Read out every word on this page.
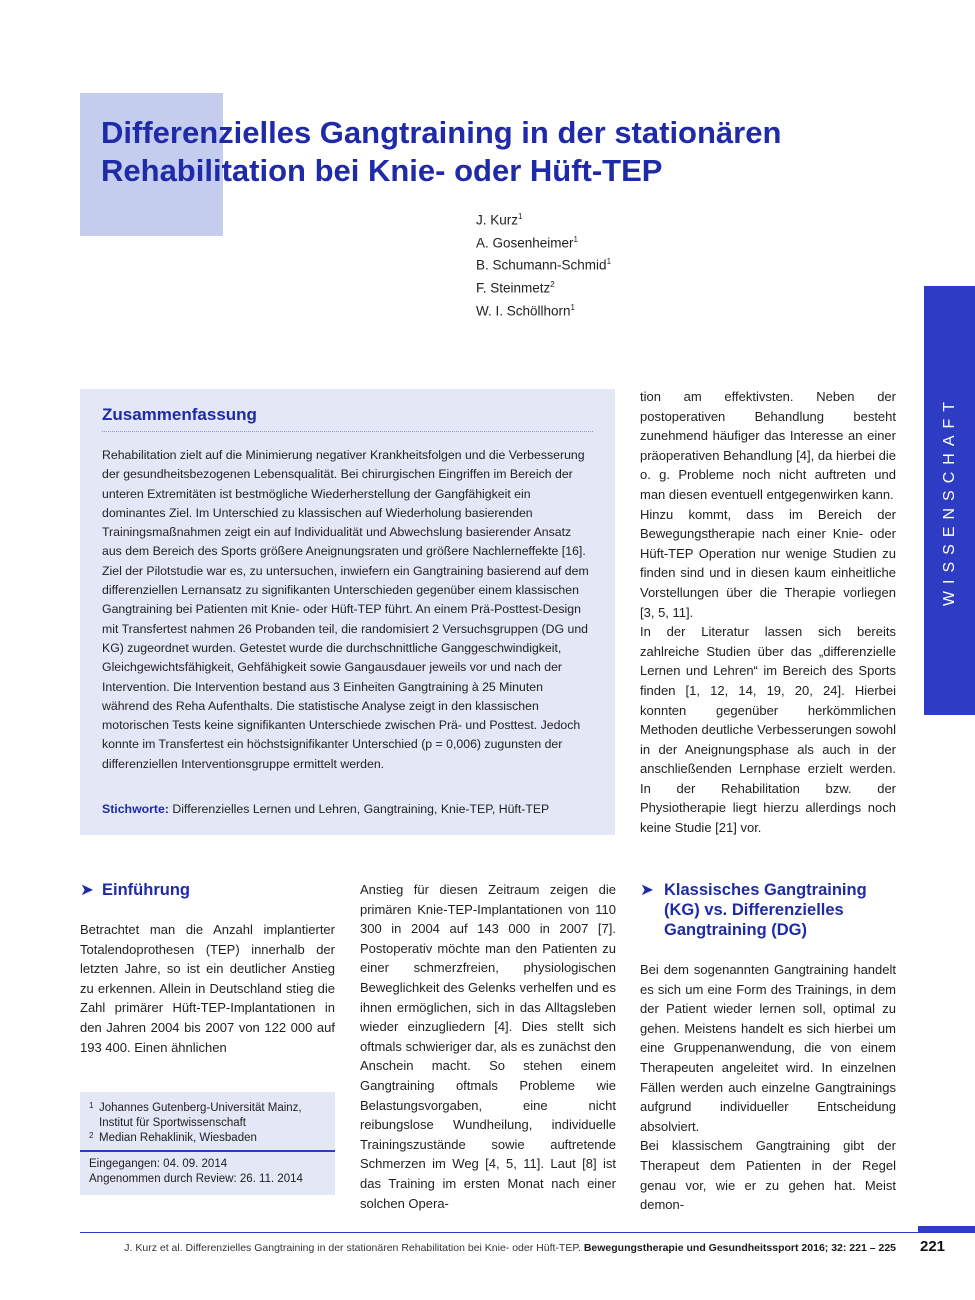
Differenzielles Gangtraining in der stationären
Rehabilitation bei Knie- oder Hüft-TEP
J. Kurz$^1$
A. Gosenheimer$^1$
B. Schumann-Schmid$^1$
F. Steinmetz$^2$
W. I. Schöllhorn$^1$
WISSENSCHAFT
Zusammenfassung

Rehabilitation zielt auf die Minimierung negativer Krankheitsfolgen und die Verbesserung der gesundheitsbezogenen Lebensqualität. Bei chirurgischen Eingriffen im Bereich der unteren Extremitäten ist bestmögliche Wiederherstellung der Gangfähigkeit ein dominantes Ziel. Im Unterschied zu klassischen auf Wiederholung basierenden Trainingsmaßnahmen zeigt ein auf Individualität und Abwechslung basierender Ansatz aus dem Bereich des Sports größere Aneignungsraten und größere Nachlerneffekte [16]. Ziel der Pilotstudie war es, zu untersuchen, inwiefern ein Gangtraining basierend auf dem differenziellen Lernansatz zu signifikanten Unterschieden gegenüber einem klassischen Gangtraining bei Patienten mit Knie- oder Hüft-TEP führt. An einem Prä-Posttest-Design mit Transfertest nahmen 26 Probanden teil, die randomisiert 2 Versuchsgruppen (DG und KG) zugeordnet wurden. Getestet wurde die durchschnittliche Ganggeschwindigkeit, Gleichgewichtsfähigkeit, Gehfähigkeit sowie Gangausdauer jeweils vor und nach der Intervention. Die Intervention bestand aus 3 Einheiten Gangtraining à 25 Minuten während des Reha Aufenthalts. Die statistische Analyse zeigt in den klassischen motorischen Tests keine signifikanten Unterschiede zwischen Prä- und Posttest. Jedoch konnte im Transfertest ein höchstsignifikanter Unterschied (p = 0,006) zugunsten der differenziellen Interventionsgruppe ermittelt werden.

Stichworte: Differenzielles Lernen und Lehren, Gangtraining, Knie-TEP, Hüft-TEP

tion am effektivsten. Neben der postoperativen Behandlung besteht zunehmend häufiger das Interesse an einer präoperativen Behandlung [4], da hierbei die o. g. Probleme noch nicht auftreten und man diesen eventuell entgegenwirken kann.

Hinzu kommt, dass im Bereich der Bewegungstherapie nach einer Knie- oder Hüft-TEP Operation nur wenige Studien zu finden sind und in diesen kaum einheitliche Vorstellungen über die Therapie vorliegen [3, 5, 11].

In der Literatur lassen sich bereits zahlreiche Studien über das „differenzielle Lernen und Lehren“ im Bereich des Sports finden [1, 12, 14, 19, 20, 24]. Hierbei konnten gegenüber herkömmlichen Methoden deutliche Verbesserungen sowohl in der Aneignungsphase als auch in der anschließenden Lernphase erzielt werden. In der Rehabilitation bzw. der Physiotherapie liegt hierzu allerdings noch keine Studie [21] vor.

➤ Einführung

Betrachtet man die Anzahl implantierter Totalendoprothesen (TEP) innerhalb der letzten Jahre, so ist ein deutlicher Anstieg zu erkennen. Allein in Deutschland stieg die Zahl primärer Hüft-TEP-Implantationen in den Jahren 2004 bis 2007 von 122 000 auf 193 400. Einen ähnlichen

1 Johannes Gutenberg-Universität Mainz, Institut für Sportwissenschaft
2 Median Rehaklinik, Wiesbaden
Eingegangen: 04. 09. 2014
Angenommen durch Review: 26. 11. 2014

Anstieg für diesen Zeitraum zeigen die primären Knie-TEP-Implantationen von 110 300 in 2004 auf 143 000 in 2007 [7]. Postoperativ möchte man den Patienten zu einer schmerzfreien, physiologischen Beweglichkeit des Gelenks verhelfen und es ihnen ermöglichen, sich in das Alltagsleben wieder einzugliedern [4]. Dies stellt sich oftmals schwieriger dar, als es zunächst den Anschein macht. So stehen einem Gangtraining oftmals Probleme wie Belastungsvorgaben, eine nicht reibungslose Wundheilung, individuelle Trainingszustände sowie auftretende Schmerzen im Weg [4, 5, 11]. Laut [8] ist das Training im ersten Monat nach einer solchen Opera-

➤ Klassisches Gangtraining (KG) vs. Differenzielles Gangtraining (DG)

Bei dem sogenannten Gangtraining handelt es sich um eine Form des Trainings, in dem der Patient wieder lernen soll, optimal zu gehen. Meistens handelt es sich hierbei um eine Gruppenanwendung, die von einem Therapeuten angeleitet wird. In einzelnen Fällen werden auch einzelne Gangtrainings aufgrund individueller Entscheidung absolviert.

Bei klassischem Gangtraining gibt der Therapeut dem Patienten in der Regel genau vor, wie er zu gehen hat. Meist demon-

J. Kurz et al. Differenzielles Gangtraining in der stationären Rehabilitation bei Knie- oder Hüft-TEP. Bewegungstherapie und Gesundheitssport 2016; 32: 221 – 225 221
